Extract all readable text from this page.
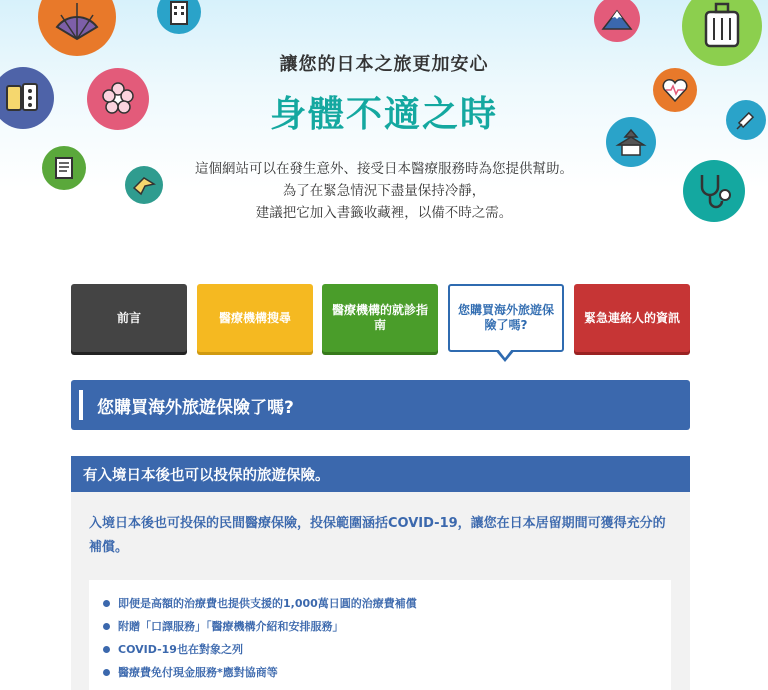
讓您的日本之旅更加安心
身體不適之時
這個網站可以在發生意外、接受日本醫療服務時為您提供幫助。
為了在緊急情況下盡量保持冷靜，
建議把它加入書籤收藏裡，以備不時之需。
前言	醫療機構搜尋
醫療機構的就診指南
您購買海外旅遊保險了嗎?
緊急連絡人的資訊
您購買海外旅遊保險了嗎?
有入境日本後也可以投保的旅遊保險。
入境日本後也可投保的民間醫療保險，投保範圍涵括COVID-19，讓您在日本居留期間可獲得充分的補償。
即便是高額的治療費也提供支援的1,000萬日圓的治療費補償
附贈「口譯服務」「醫療機構介紹和安排服務」
COVID-19也在對象之列
醫療費免付現金服務*應對協商等
